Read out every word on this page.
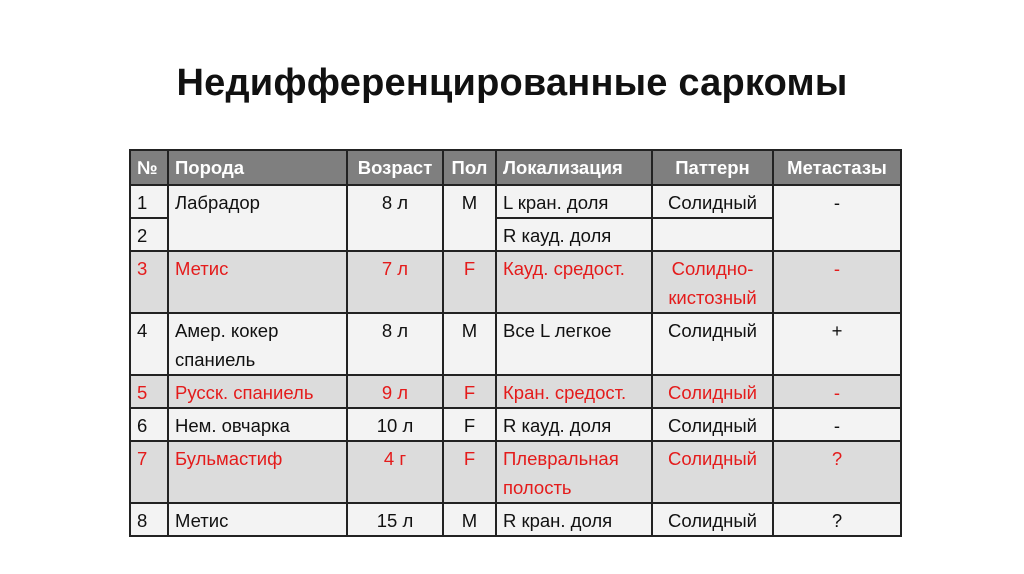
Недифференцированные саркомы
№	Порода	Возраст	Пол	Локализация	Паттерн	Метастазы
1	Лабрадор	8 л	M	L кран. доля	Солидный	-
2				R кауд. доля		
3	Метис	7 л	F	Кауд. средост.	Солидно-кистозный	-
4	Амер. кокер спаниель	8 л	M	Все L легкое	Солидный	+
5	Русск. спаниель	9 л	F	Кран. средост.	Солидный	-
6	Нем. овчарка	10 л	F	R кауд. доля	Солидный	-
7	Бульмастиф	4 г	F	Плевральная полость	Солидный	?
8	Метис	15 л	M	R кран. доля	Солидный	?
